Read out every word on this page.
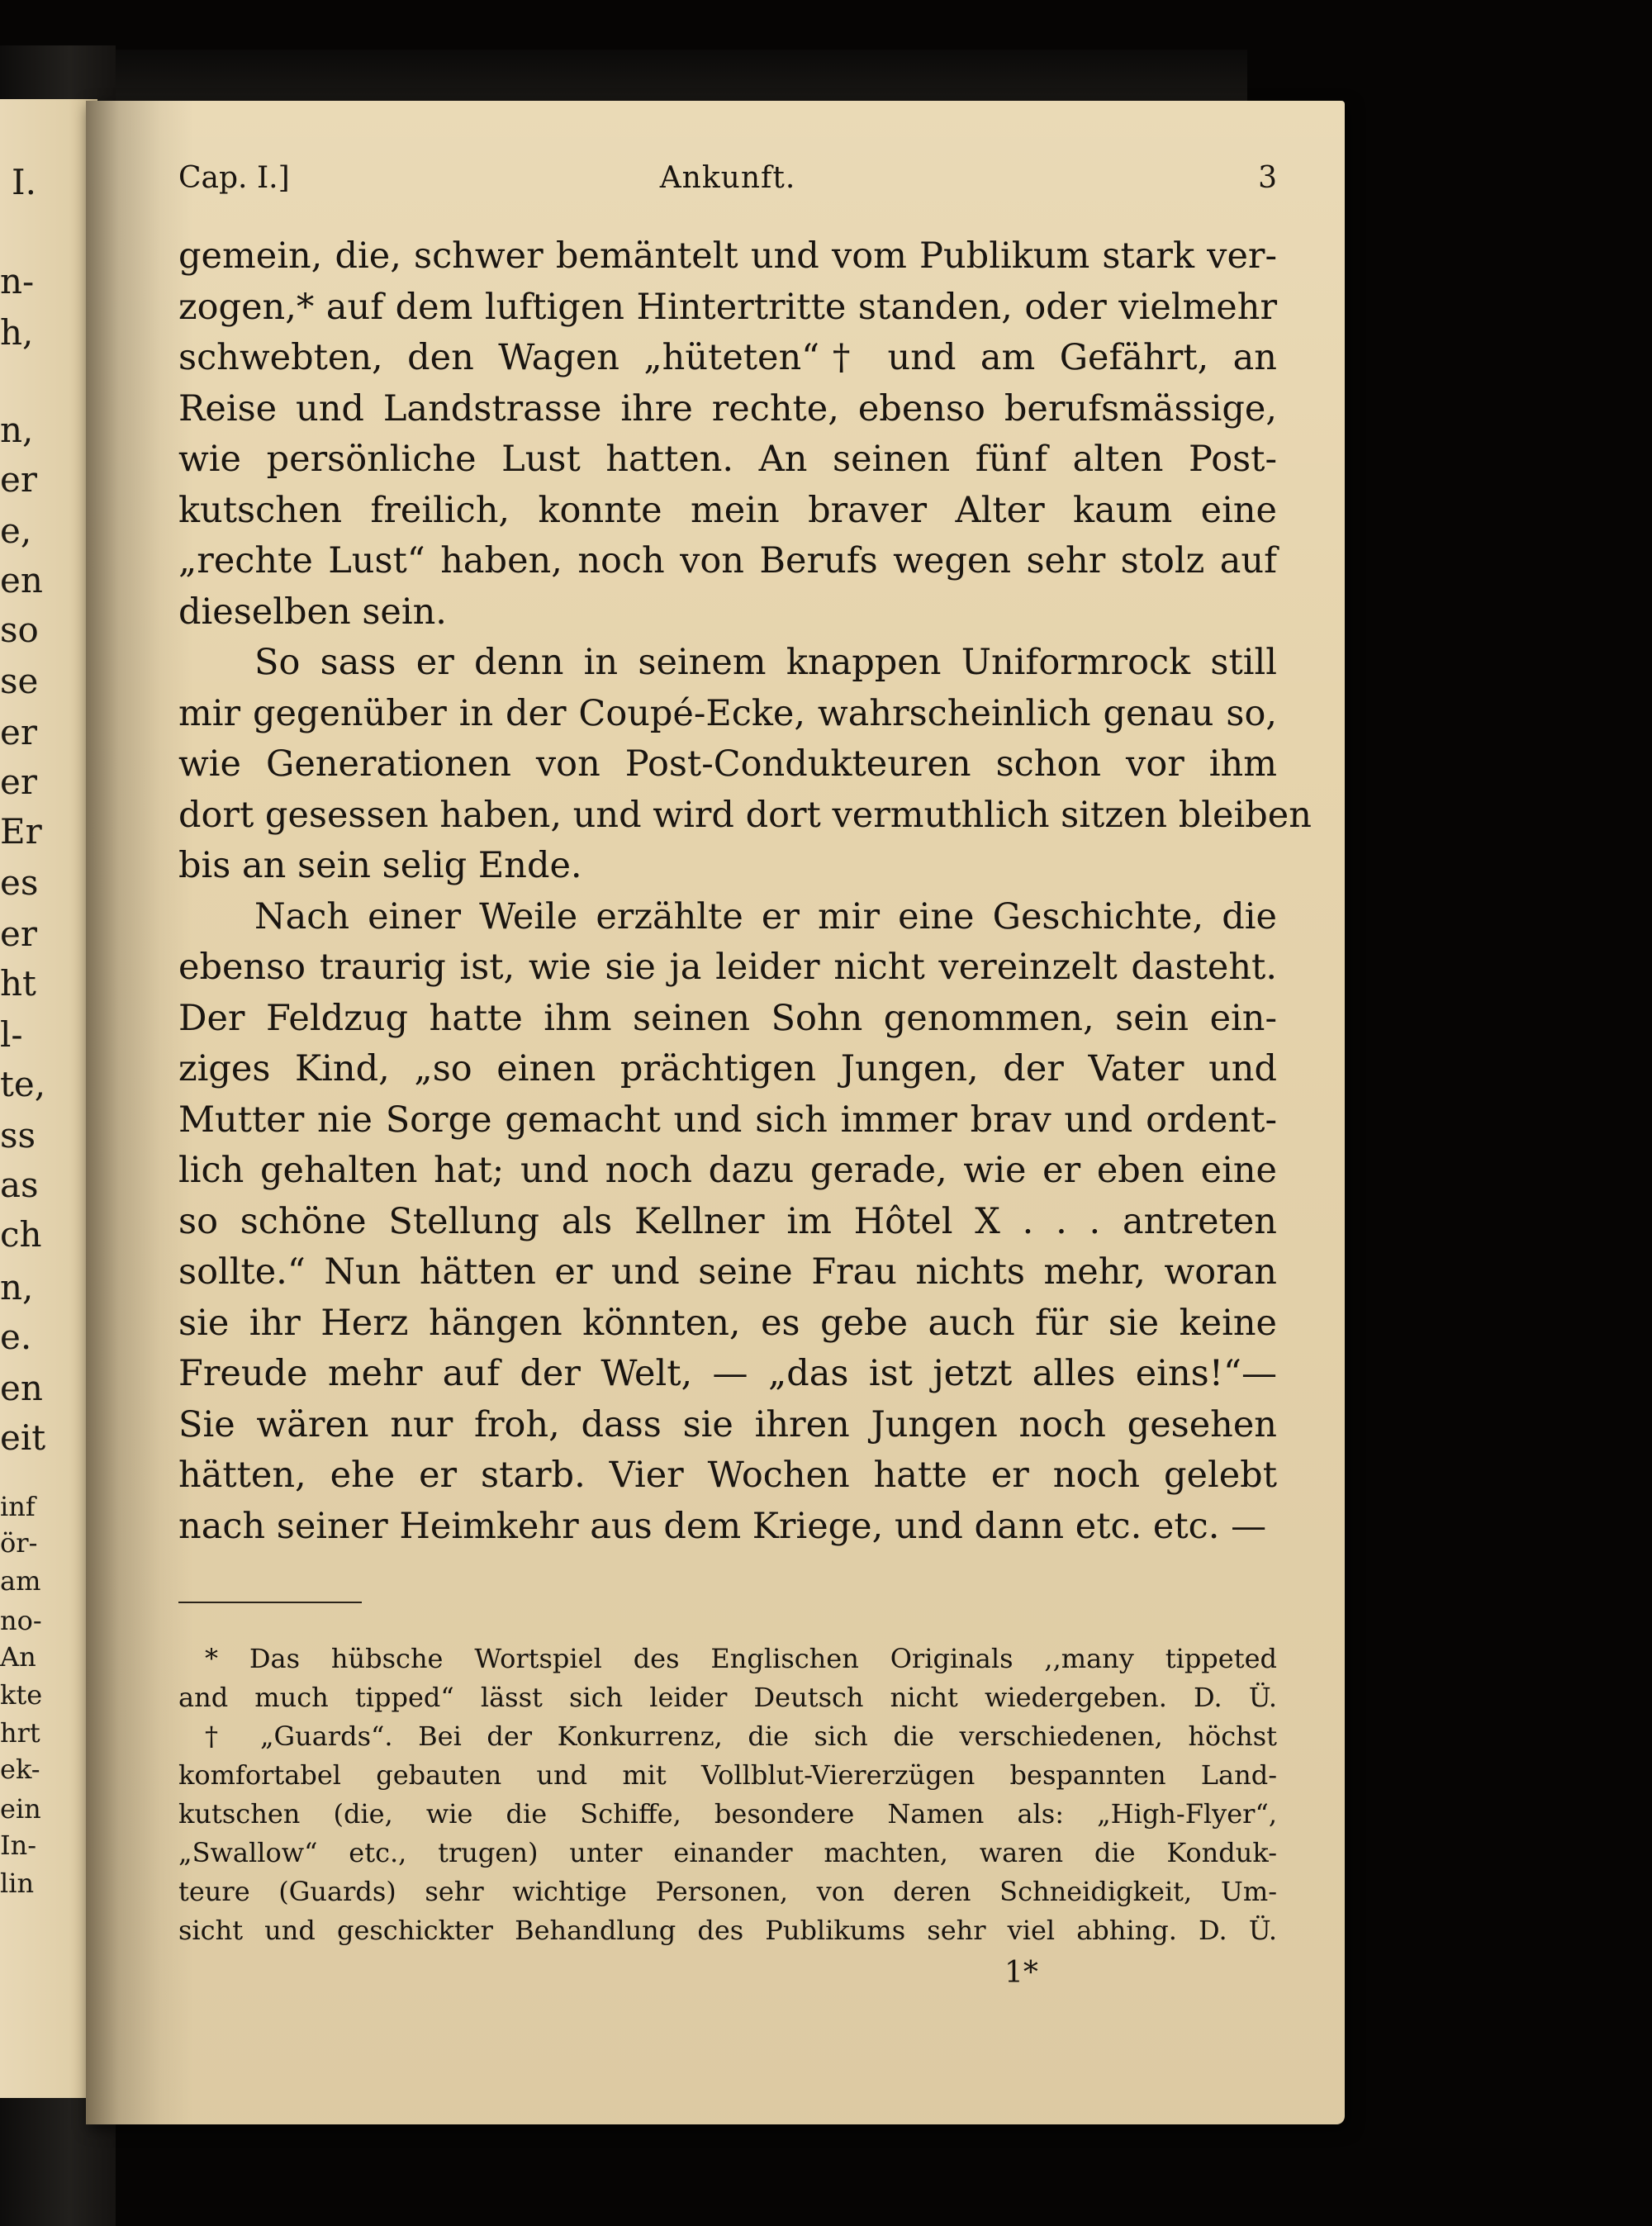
I.
n-
h,
n,
er
e,
en
so
se
er
er
Er
es
er
ht
l-
te,
ss
as
ch
n,
e.
en
eit
inf
ör-
am
no-
An
kte
hrt
ek-
ein
In-
lin
Cap. I.]	Ankunft.	3

gemein, die, schwer bemäntelt und vom Publikum stark ver-
zogen,* auf dem luftigen Hintertritte standen, oder vielmehr
schwebten, den Wagen „hüteten“† und am Gefährt, an
Reise und Landstrasse ihre rechte, ebenso berufsmässige,
wie persönliche Lust hatten. An seinen fünf alten Post-
kutschen freilich, konnte mein braver Alter kaum eine
„rechte Lust“ haben, noch von Berufs wegen sehr stolz auf
dieselben sein.

So sass er denn in seinem knappen Uniformrock still
mir gegenüber in der Coupé-Ecke, wahrscheinlich genau so,
wie Generationen von Post-Condukteuren schon vor ihm
dort gesessen haben, und wird dort vermuthlich sitzen bleiben
bis an sein selig Ende.

Nach einer Weile erzählte er mir eine Geschichte, die
ebenso traurig ist, wie sie ja leider nicht vereinzelt dasteht.
Der Feldzug hatte ihm seinen Sohn genommen, sein ein-
ziges Kind, „so einen prächtigen Jungen, der Vater und
Mutter nie Sorge gemacht und sich immer brav und ordent-
lich gehalten hat; und noch dazu gerade, wie er eben eine
so schöne Stellung als Kellner im Hôtel X . . . antreten
sollte.“ Nun hätten er und seine Frau nichts mehr, woran
sie ihr Herz hängen könnten, es gebe auch für sie keine
Freude mehr auf der Welt, — „das ist jetzt alles eins!“—
Sie wären nur froh, dass sie ihren Jungen noch gesehen
hätten, ehe er starb. Vier Wochen hatte er noch gelebt
nach seiner Heimkehr aus dem Kriege, und dann etc. etc. —

* Das hübsche Wortspiel des Englischen Originals ,,many tippeted
and much tipped“ lässt sich leider Deutsch nicht wiedergeben. D. Ü.
† „Guards“. Bei der Konkurrenz, die sich die verschiedenen, höchst
komfortabel gebauten und mit Vollblut-Viererzügen bespannten Land-
kutschen (die, wie die Schiffe, besondere Namen als: „High-Flyer“,
„Swallow“ etc., trugen) unter einander machten, waren die Konduk-
teure (Guards) sehr wichtige Personen, von deren Schneidigkeit, Um-
sicht und geschickter Behandlung des Publikums sehr viel abhing. D. Ü.
1*
